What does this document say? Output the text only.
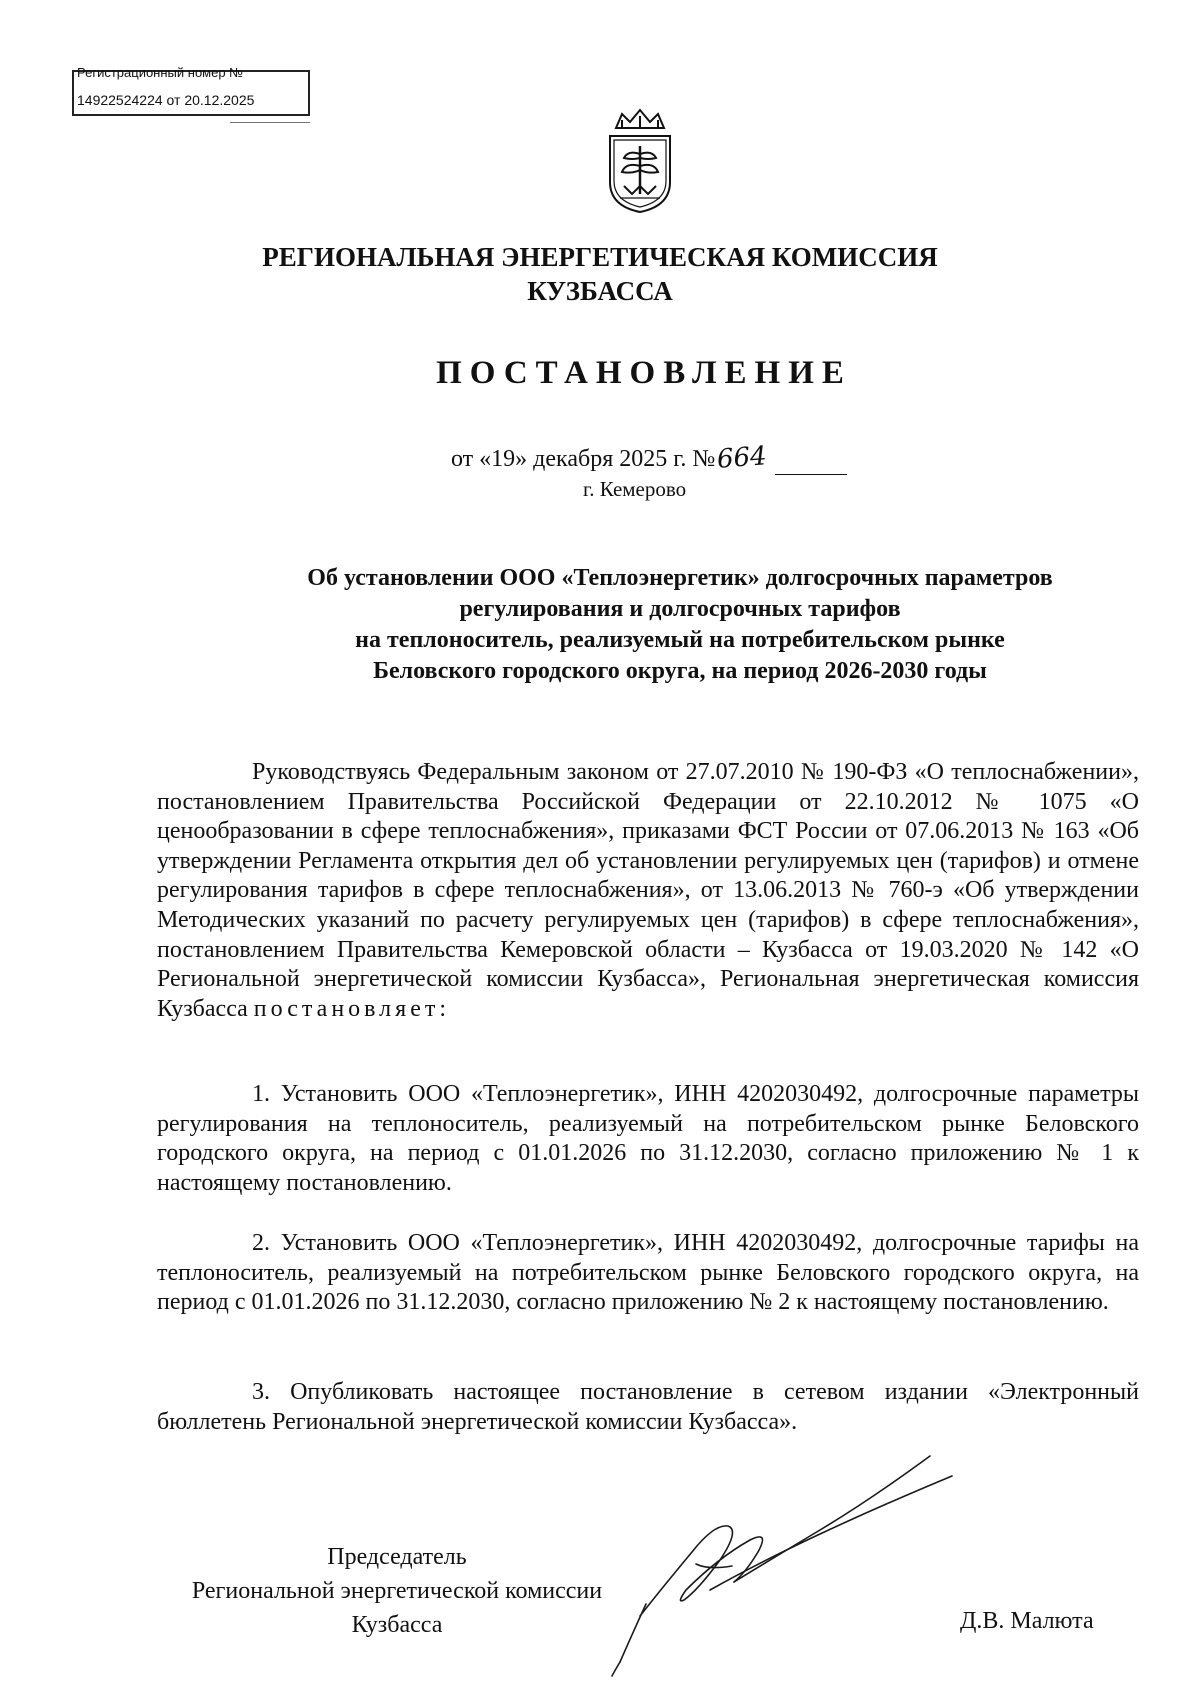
Регистрационный номер №
14922524224 от 20.12.2025
РЕГИОНАЛЬНАЯ ЭНЕРГЕТИЧЕСКАЯ КОМИССИЯ
КУЗБАССА
ПОСТАНОВЛЕНИЕ
от «19» декабря 2025 г. №664
г. Кемерово
Об установлении ООО «Теплоэнергетик» долгосрочных параметров
регулирования и долгосрочных тарифов
на теплоноситель, реализуемый на потребительском рынке
Беловского городского округа, на период 2026-2030 годы
Руководствуясь Федеральным законом от 27.07.2010 № 190-ФЗ «О теплоснабжении», постановлением Правительства Российской Федерации от 22.10.2012 № 1075 «О ценообразовании в сфере теплоснабжения», приказами ФСТ России от 07.06.2013 № 163 «Об утверждении Регламента открытия дел об установлении регулируемых цен (тарифов) и отмене регулирования тарифов в сфере теплоснабжения», от 13.06.2013 № 760-э «Об утверждении Методических указаний по расчету регулируемых цен (тарифов) в сфере теплоснабжения», постановлением Правительства Кемеровской области – Кузбасса от 19.03.2020 № 142 «О Региональной энергетической комиссии Кузбасса», Региональная энергетическая комиссия Кузбасса постановляет:
1. Установить ООО «Теплоэнергетик», ИНН 4202030492, долгосрочные параметры регулирования на теплоноситель, реализуемый на потребительском рынке Беловского городского округа, на период с 01.01.2026 по 31.12.2030, согласно приложению № 1 к настоящему постановлению.
2. Установить ООО «Теплоэнергетик», ИНН 4202030492, долгосрочные тарифы на теплоноситель, реализуемый на потребительском рынке Беловского городского округа, на период с 01.01.2026 по 31.12.2030, согласно приложению № 2 к настоящему постановлению.
3. Опубликовать настоящее постановление в сетевом издании «Электронный бюллетень Региональной энергетической комиссии Кузбасса».
Председатель
Региональной энергетической комиссии
Кузбасса	Д.В. Малюта
